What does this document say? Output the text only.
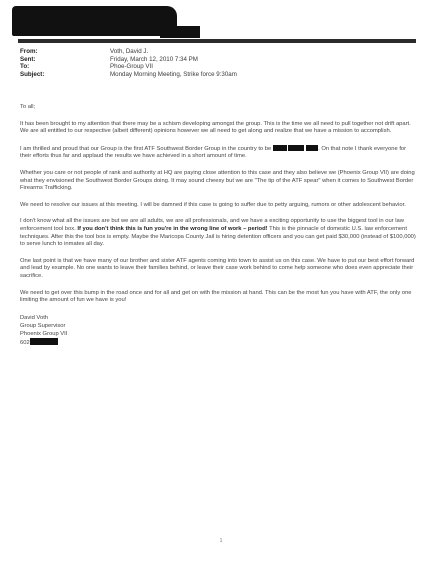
From:	Voth, David J.
Sent:	Friday, March 12, 2010 7:34 PM
To:	Phoe-Group VII
Subject:	Monday Morning Meeting, Strike force 9:30am

To all;

It has been brought to my attention that there may be a schism developing amongst the group. This is the time we all need to pull together not drift apart. We are all entitled to our respective (albeit different) opinions however we all need to get along and realize that we have a mission to accomplish.

I am thrilled and proud that our Group is the first ATF Southwest Border Group in the country to be	. On that note I thank everyone for their efforts thus far and applaud the results we have achieved in a short amount of time.

Whether you care or not people of rank and authority at HQ are paying close attention to this case and they also believe we (Phoenix Group VII) are doing what they envisioned the Southwest Border Groups doing. It may sound cheesy but we are "The tip of the ATF spear" when it comes to Southwest Border Firearms Trafficking.

We need to resolve our issues at this meeting. I will be damned if this case is going to suffer due to petty arguing, rumors or other adolescent behavior.

I don't know what all the issues are but we are all adults, we are all professionals, and we have a exciting opportunity to use the biggest tool in our law enforcement tool box. If you don't think this is fun you're in the wrong line of work – period! This is the pinnacle of domestic U.S. law enforcement techniques. After this the tool box is empty. Maybe the Maricopa County Jail is hiring detention officers and you can get paid $30,000 (instead of $100,000) to serve lunch to inmates all day.

One last point is that we have many of our brother and sister ATF agents coming into town to assist us on this case. We have to put our best effort forward and lead by example. No one wants to leave their families behind, or leave their case work behind to come help someone who does even appreciate their sacrifice.

We need to get over this bump in the road once and for all and get on with the mission at hand. This can be the most fun you have with ATF, the only one limiting the amount of fun we have is you!

David Voth
Group Supervisor
Phoenix Group VII
602
1
